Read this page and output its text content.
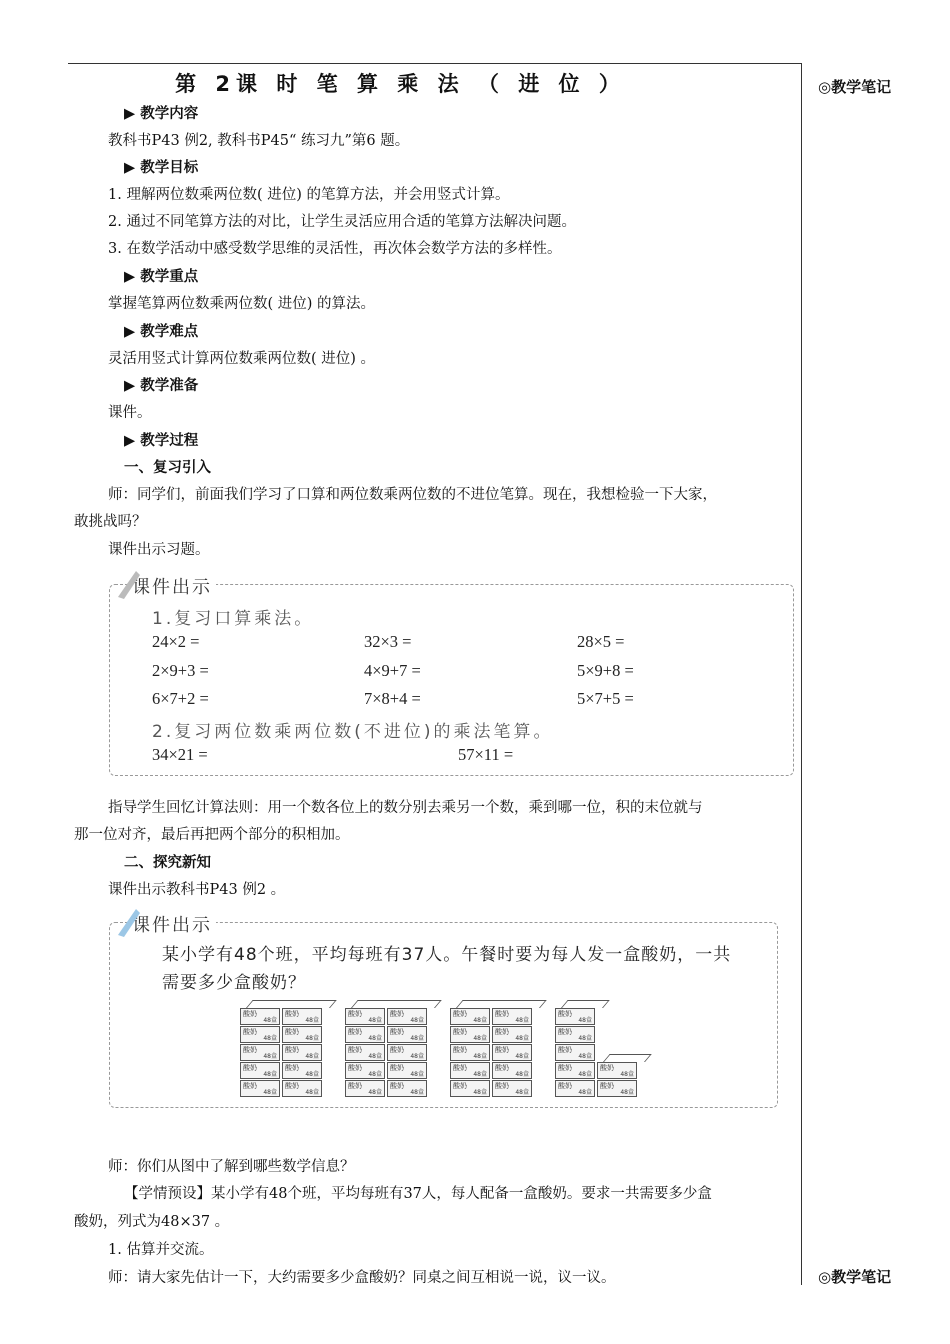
◎教学笔记
◎教学笔记
第 2课 时 笔 算 乘 法 （ 进 位 ）
▶ 教学内容
教科书P43 例2, 教科书P45“ 练习九”第6 题。
▶ 教学目标
1. 理解两位数乘两位数( 进位) 的笔算方法，并会用竖式计算。
2. 通过不同笔算方法的对比，让学生灵活应用合适的笔算方法解决问题。
3. 在数学活动中感受数学思维的灵活性，再次体会数学方法的多样性。
▶ 教学重点
掌握笔算两位数乘两位数( 进位) 的算法。
▶ 教学难点
灵活用竖式计算两位数乘两位数( 进位) 。
▶ 教学准备
课件。
▶ 教学过程
一、复习引入
师：同学们，前面我们学习了口算和两位数乘两位数的不进位笔算。现在，我想检验一下大家，
敢挑战吗？
课件出示习题。
课件出示
1.复习口算乘法。
24×2 =	32×3 =	28×5 =
2×9+3 =	4×9+7 =	5×9+8 =
6×7+2 =	7×8+4 =	5×7+5 =
2.复习两位数乘两位数(不进位)的乘法笔算。
34×21 =	57×11 =
指导学生回忆计算法则：用一个数各位上的数分别去乘另一个数，乘到哪一位，积的末位就与
那一位对齐，最后再把两个部分的积相加。
二、探究新知
课件出示教科书P43 例2 。
课件出示
某小学有48个班，平均每班有37人。午餐时要为每人发一盒酸奶，一共
需要多少盒酸奶？
酸奶
48盒
酸奶
48盒
酸奶
48盒
酸奶
48盒
酸奶
48盒
酸奶
48盒
酸奶
48盒
酸奶
48盒
酸奶
48盒
酸奶
48盒
酸奶
48盒
酸奶
48盒
酸奶
48盒
酸奶
48盒
酸奶
48盒
酸奶
48盒
酸奶
48盒
酸奶
48盒
酸奶
48盒
酸奶
48盒
酸奶
48盒
酸奶
48盒
酸奶
48盒
酸奶
48盒
酸奶
48盒
酸奶
48盒
酸奶
48盒
酸奶
48盒
酸奶
48盒
酸奶
48盒
酸奶
48盒
酸奶
48盒
酸奶
48盒
酸奶
48盒
酸奶
48盒
酸奶
48盒
酸奶
48盒
师：你们从图中了解到哪些数学信息？
【学情预设】某小学有48个班，平均每班有37人，每人配备一盒酸奶。要求一共需要多少盒
酸奶，列式为48×37 。
1. 估算并交流。
师：请大家先估计一下，大约需要多少盒酸奶？同桌之间互相说一说，议一议。
